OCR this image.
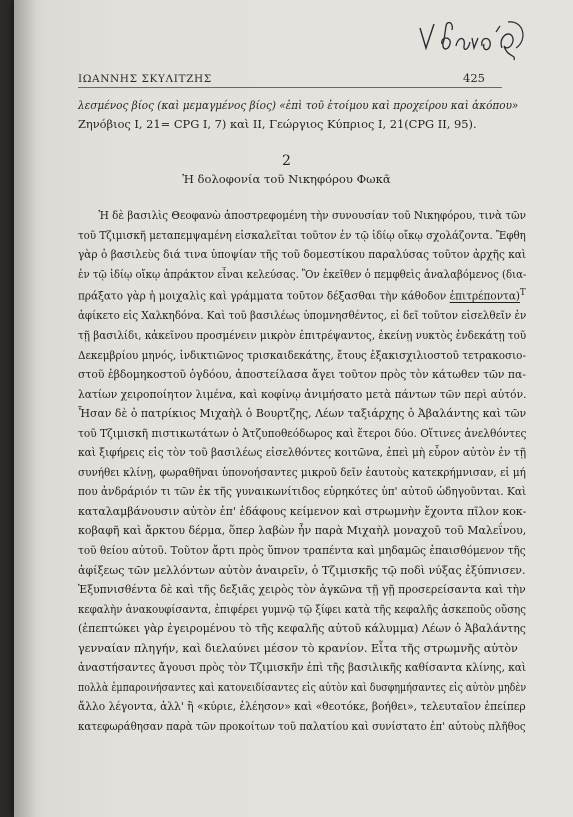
ΙΩΑΝΝΗΣ ΣΚΥΛΙΤΖΗΣ	425
λεσμένος βίος (καὶ μεμαγμένος βίος) «ἐπὶ τοῦ ἑτοίμου καὶ προχείρου καὶ ἀκόπου»
Ζηνόβιος I, 21= CPG I, 7) καὶ II, Γεώργιος Κύπριος I, 21(CPG II, 95).
2
Ἡ δολοφονία τοῦ Νικηφόρου Φωκᾶ
Ἡ δὲ βασιλὶς Θεοφανὼ ἀποστρεφομένη τὴν συνουσίαν τοῦ Νικηφόρου, τινὰ τῶν
τοῦ Τζιμισκῆ μεταπεμψαμένη εἰσκαλεῖται τοῦτον ἐν τῷ ἰδίῳ οἴκῳ σχολάζοντα. Ἔφθη
γὰρ ὁ βασιλεὺς διά τινα ὑποψίαν τῆς τοῦ δομεστίκου παραλύσας τοῦτον ἀρχῆς καὶ
ἐν τῷ ἰδίῳ οἴκῳ ἀπράκτον εἶναι κελεύσας. Ὃν ἐκεῖθεν ὁ πεμφθεὶς ἀναλαβόμενος (δια-
πράξατο γὰρ ἡ μοιχαλὶς καὶ γράμματα τοῦτον δέξασθαι τὴν κάθοδον ἐπιτρέποντα)$^T$
ἀφίκετο εἰς Χαλκηδόνα. Καὶ τοῦ βασιλέως ὑπομνησθέντος, εἰ δεῖ τοῦτον εἰσελθεῖν ἐν
τῇ βασιλίδι, κἀκεῖνου προσμένειν μικρὸν ἐπιτρέψαντος, ἐκείνῃ νυκτὸς ἑνδεκάτῃ τοῦ
Δεκεμβρίου μηνός, ἰνδικτιῶνος τρισκαιδεκάτης, ἔτους ἑξακισχιλιοστοῦ τετρακοσιο-
στοῦ ἑβδομηκοστοῦ ὀγδόου, ἀποστείλασα ἄγει τοῦτον πρὸς τὸν κάτωθεν τῶν πα-
λατίων χειροποίητον λιμένα, καὶ κοφίνῳ ἀνιμήσατο μετὰ πάντων τῶν περὶ αὐτόν.
Ἦσαν δὲ ὁ πατρίκιος Μιχαὴλ ὁ Βουρτζης, Λέων ταξιάρχης ὁ Ἀβαλάντης καὶ τῶν
τοῦ Τζιμισκῆ πιστικωτάτων ὁ Ἀτζυποθεόδωρος καὶ ἕτεροι δύο. Οἵτινες ἀνελθόντες
καὶ ξιφήρεις εἰς τὸν τοῦ βασιλέως εἰσελθόντες κοιτῶνα, ἐπεὶ μὴ εὗρον αὐτὸν ἐν τῇ
συνήθει κλίνῃ, φωραθῆναι ὑπονοήσαντες μικροῦ δεῖν ἑαυτοὺς κατεκρήμνισαν, εἰ μή
που ἀνδράριόν τι τῶν ἐκ τῆς γυναικωνίτιδος εὑρηκότες ὑπ' αὐτοῦ ὡδηγοῦνται. Καὶ
καταλαμβάνουσιν αὐτὸν ἐπ' ἐδάφους κείμενον καὶ στρωμνὴν ἔχοντα πῖλον κοκ-
κοβαφῆ καὶ ἄρκτου δέρμα, ὅπερ λαβὼν ἦν παρὰ Μιχαὴλ μοναχοῦ τοῦ Μαλεΐνου,
τοῦ θείου αὐτοῦ. Τοῦτον ἄρτι πρὸς ὕπνον τραπέντα καὶ μηδαμῶς ἐπαισθόμενον τῆς
ἀφίξεως τῶν μελλόντων αὐτὸν ἀναιρεῖν, ὁ Τζιμισκῆς τῷ ποδὶ νύξας ἐξύπνισεν.
Ἐξυπνισθέντα δὲ καὶ τῆς δεξιᾶς χειρὸς τὸν ἀγκῶνα τῇ γῇ προσερείσαντα καὶ τὴν
κεφαλὴν ἀνακουφίσαντα, ἐπιφέρει γυμνῷ τῷ ξίφει κατὰ τῆς κεφαλῆς ἀσκεποῦς οὔσης
(ἐπεπτώκει γὰρ ἐγειρομένου τὸ τῆς κεφαλῆς αὐτοῦ κάλυμμα) Λέων ὁ Ἀβαλάντης
γενναίαν πληγήν, καὶ διελαύνει μέσον τὸ κρανίον. Εἶτα τῆς στρωμνῆς αὐτὸν
ἀναστήσαντες ἄγουσι πρὸς τὸν Τζιμισκῆν ἐπὶ τῆς βασιλικῆς καθίσαντα κλίνης, καὶ
πολλὰ ἐμπαροινήσαντες καὶ κατονειδίσαντες εἰς αὐτὸν καὶ δυσφημήσαντες εἰς αὐτὸν μηδὲν
ἄλλο λέγοντα, ἀλλ' ἢ «κύριε, ἐλέησον» καὶ «θεοτόκε, βοήθει», τελευταῖον ἐπείπερ
κατεφωράθησαν παρὰ τῶν προκοίτων τοῦ παλατίου καὶ συνίστατο ἐπ' αὐτοὺς πλῆθος
